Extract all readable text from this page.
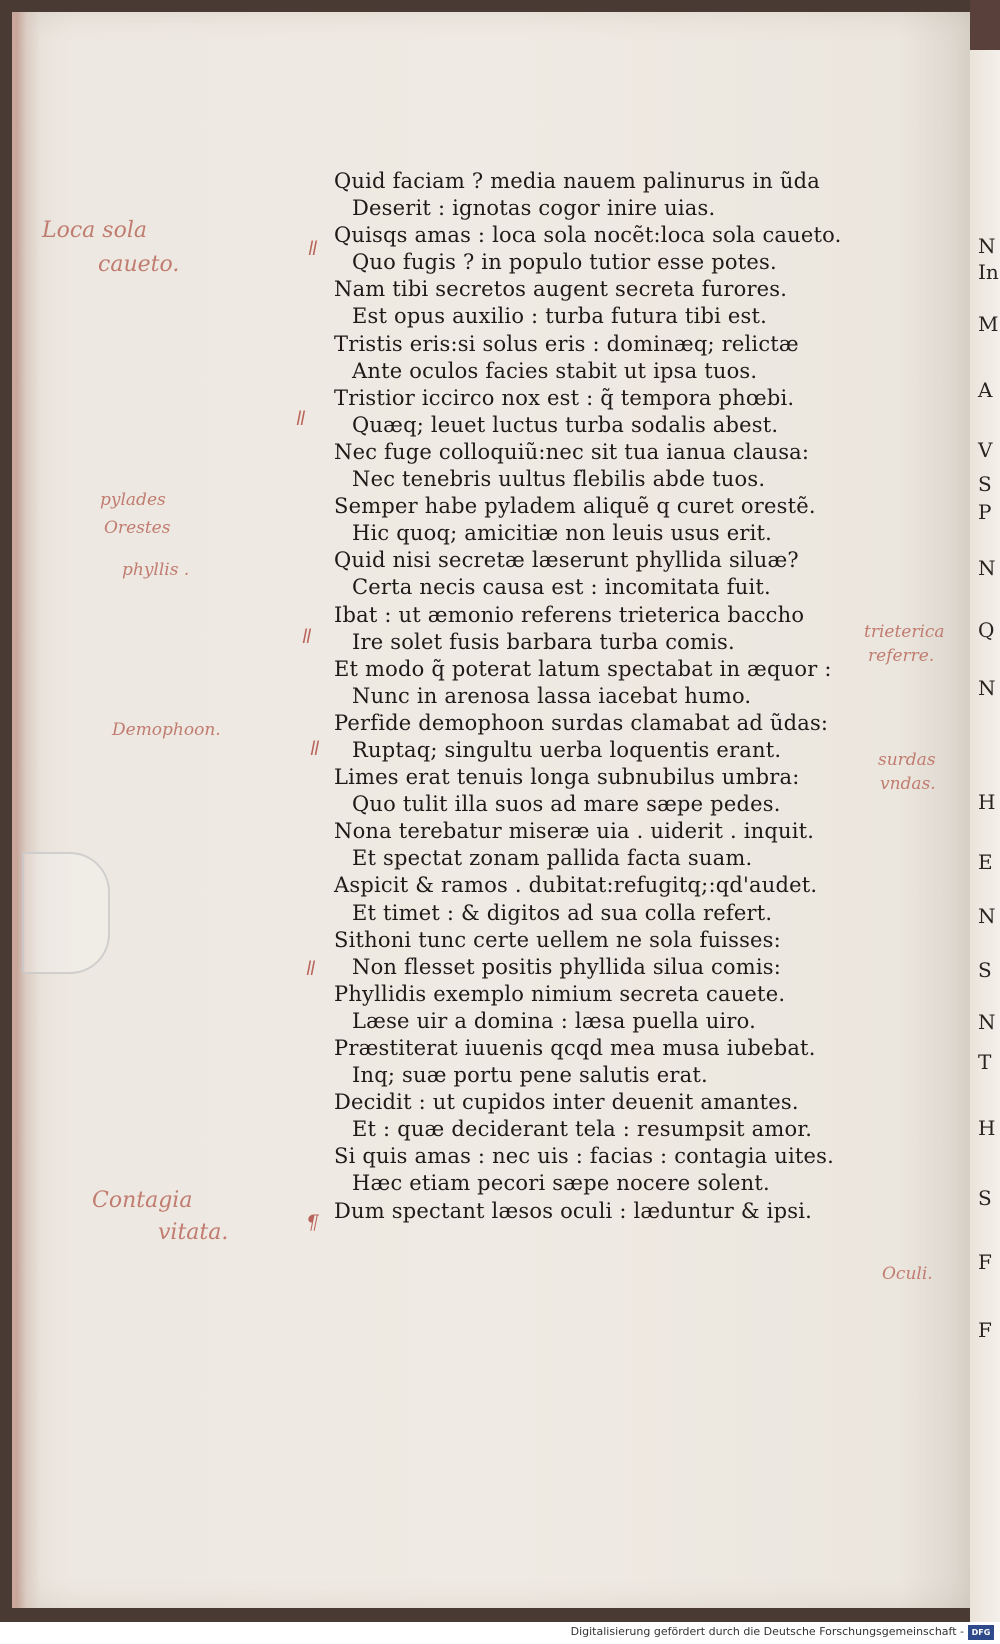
N
In
M
A
V
S
P
N
Q
N
H
E
N
S
N
T
H
S
F
F
Quid faciam ? media nauem palinurus in ũda
Deserit : ignotas cogor inire uias.
Quisqs amas : loca sola nocẽt:loca sola caueto.
Quo fugis ? in populo tutior esse potes.
Nam tibi secretos augent secreta furores.
Est opus auxilio : turba futura tibi est.
Tristis eris:si solus eris : dominæq; relictæ
Ante oculos facies stabit ut ipsa tuos.
Tristior iccirco nox est : q̃ tempora phœbi.
Quæq; leuet luctus turba sodalis abest.
Nec fuge colloquiũ:nec sit tua ianua clausa:
Nec tenebris uultus flebilis abde tuos.
Semper habe pyladem aliquẽ q curet orestẽ.
Hic quoq; amicitiæ non leuis usus erit.
Quid nisi secretæ læserunt phyllida siluæ?
Certa necis causa est : incomitata fuit.
Ibat : ut æmonio referens trieterica baccho
Ire solet fusis barbara turba comis.
Et modo q̃ poterat latum spectabat in æquor :
Nunc in arenosa lassa iacebat humo.
Perfide demophoon surdas clamabat ad ũdas:
Ruptaq; singultu uerba loquentis erant.
Limes erat tenuis longa subnubilus umbra:
Quo tulit illa suos ad mare sæpe pedes.
Nona terebatur miseræ uia . uiderit . inquit.
Et spectat zonam pallida facta suam.
Aspicit & ramos . dubitat:refugitq;:qd'audet.
Et timet : & digitos ad sua colla refert.
Sithoni tunc certe uellem ne sola fuisses:
Non flesset positis phyllida silua comis:
Phyllidis exemplo nimium secreta cauete.
Læse uir a domina : læsa puella uiro.
Præstiterat iuuenis qcqd mea musa iubebat.
Inq; suæ portu pene salutis erat.
Decidit : ut cupidos inter deuenit amantes.
Et : quæ deciderant tela : resumpsit amor.
Si quis amas : nec uis : facias : contagia uites.
Hæc etiam pecori sæpe nocere solent.
Dum spectant læsos oculi : læduntur & ipsi.
Loca sola
caueto.
pylades
Orestes
phyllis .
Demophoon.
Contagia
vitata.
trieterica
referre.
surdas
vndas.
Oculi.
ǁ
ǁ
ǁ
ǁ
ǁ
¶
Digitalisierung gefördert durch die Deutsche Forschungsgemeinschaft - DFG
